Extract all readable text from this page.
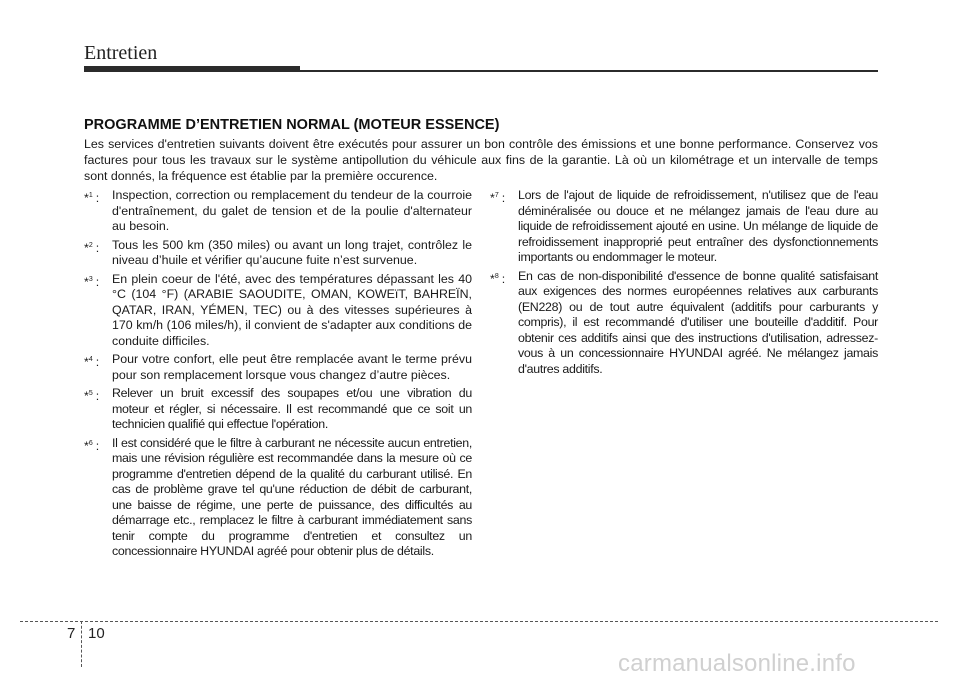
Entretien
PROGRAMME D’ENTRETIEN NORMAL (MOTEUR ESSENCE)

Les services d'entretien suivants doivent être exécutés pour assurer un bon contrôle des émissions et une bonne performance. Conservez vos factures pour tous les travaux sur le système antipollution du véhicule aux fins de la garantie. Là où un kilométrage et un intervalle de temps sont donnés, la fréquence est établie par la première occurence.

*$^1$ :	Inspection, correction ou remplacement du tendeur de la courroie d'entraînement, du galet de tension et de la poulie d'alternateur au besoin.
*$^2$ :	Tous les 500 km (350 miles) ou avant un long trajet, contrôlez le niveau d’huile et vérifier qu’aucune fuite n’est survenue.
*$^3$ :	En plein coeur de l'été, avec des températures dépassant les 40 °C (104 °F) (ARABIE SAOUDITE, OMAN, KOWEïT, BAHREÏN, QATAR, IRAN, YÉMEN, TEC) ou à des vitesses supérieures à 170 km/h (106 miles/h), il convient de s'adapter aux conditions de conduite difficiles.
*$^4$ :	Pour votre confort, elle peut être remplacée avant le terme prévu pour son remplacement lorsque vous changez d’autre pièces.
*$^5$ :	Relever un bruit excessif des soupapes et/ou une vibration du moteur et régler, si nécessaire. Il est recommandé que ce soit un technicien qualifié qui effectue l'opération.
*$^6$ :	Il est considéré que le filtre à carburant ne nécessite aucun entretien, mais une révision régulière est recommandée dans la mesure où ce programme d'entretien dépend de la qualité du carburant utilisé. En cas de problème grave tel qu'une réduction de débit de carburant, une baisse de régime, une perte de puissance, des difficultés au démarrage etc., remplacez le filtre à carburant immédiatement sans tenir compte du programme d'entretien et consultez un concessionnaire HYUNDAI agréé pour obtenir plus de détails.
*$^7$ :	Lors de l'ajout de liquide de refroidissement, n'utilisez que de l'eau déminéralisée ou douce et ne mélangez jamais de l'eau dure au liquide de refroidissement ajouté en usine. Un mélange de liquide de refroidissement inapproprié peut entraîner des dysfonctionnements importants ou endommager le moteur.
*$^8$ :	En cas de non-disponibilité d'essence de bonne qualité satisfaisant aux exigences des normes européennes relatives aux carburants (EN228) ou de tout autre équivalent (additifs pour carburants y compris), il est recommandé d'utiliser une bouteille d'additif. Pour obtenir ces additifs ainsi que des instructions d'utilisation, adressez-vous à un concessionnaire HYUNDAI agréé. Ne mélangez jamais d'autres additifs.
7 10
carmanualsonline.info
